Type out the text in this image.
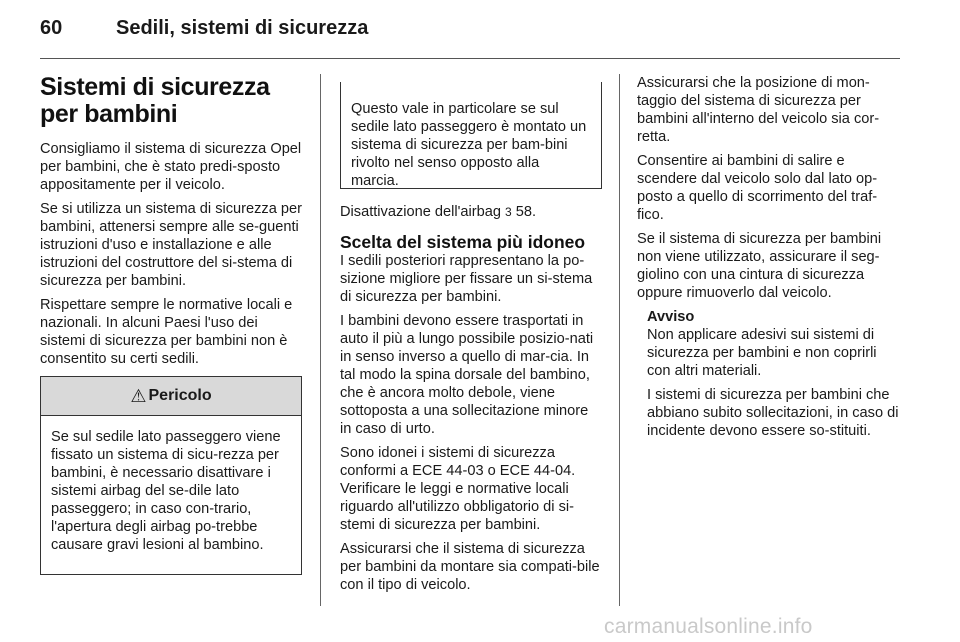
60	Sedili, sistemi di sicurezza
Sistemi di sicurezza per bambini

Consigliamo il sistema di sicurezza Opel per bambini, che è stato predi-sposto appositamente per il veicolo.

Se si utilizza un sistema di sicurezza per bambini, attenersi sempre alle se-guenti istruzioni d'uso e installazione e alle istruzioni del costruttore del si-stema di sicurezza per bambini.

Rispettare sempre le normative locali e nazionali. In alcuni Paesi l'uso dei sistemi di sicurezza per bambini non è consentito su certi sedili.

⚠ Pericolo

Se sul sedile lato passeggero viene fissato un sistema di sicu-rezza per bambini, è necessario disattivare i sistemi airbag del se-dile lato passeggero; in caso con-trario, l'apertura degli airbag po-trebbe causare gravi lesioni al bambino.

Questo vale in particolare se sul sedile lato passeggero è montato un sistema di sicurezza per bam-bini rivolto nel senso opposto alla marcia.

Disattivazione dell'airbag 3 58.

Scelta del sistema più idoneo

I sedili posteriori rappresentano la po-sizione migliore per fissare un si-stema di sicurezza per bambini.

I bambini devono essere trasportati in auto il più a lungo possibile posizio-nati in senso inverso a quello di mar-cia. In tal modo la spina dorsale del bambino, che è ancora molto debole, viene sottoposta a una sollecitazione minore in caso di urto.

Sono idonei i sistemi di sicurezza conformi a ECE 44-03 o ECE 44-04. Verificare le leggi e normative locali riguardo all'utilizzo obbligatorio di si-stemi di sicurezza per bambini.

Assicurarsi che il sistema di sicurezza per bambini da montare sia compati-bile con il tipo di veicolo.

Assicurarsi che la posizione di mon-taggio del sistema di sicurezza per bambini all'interno del veicolo sia cor-retta.

Consentire ai bambini di salire e scendere dal veicolo solo dal lato op-posto a quello di scorrimento del traf-fico.

Se il sistema di sicurezza per bambini non viene utilizzato, assicurare il seg-giolino con una cintura di sicurezza oppure rimuoverlo dal veicolo.

Avviso

Non applicare adesivi sui sistemi di sicurezza per bambini e non coprirli con altri materiali.

I sistemi di sicurezza per bambini che abbiano subito sollecitazioni, in caso di incidente devono essere so-stituiti.

carmanualsonline.info
